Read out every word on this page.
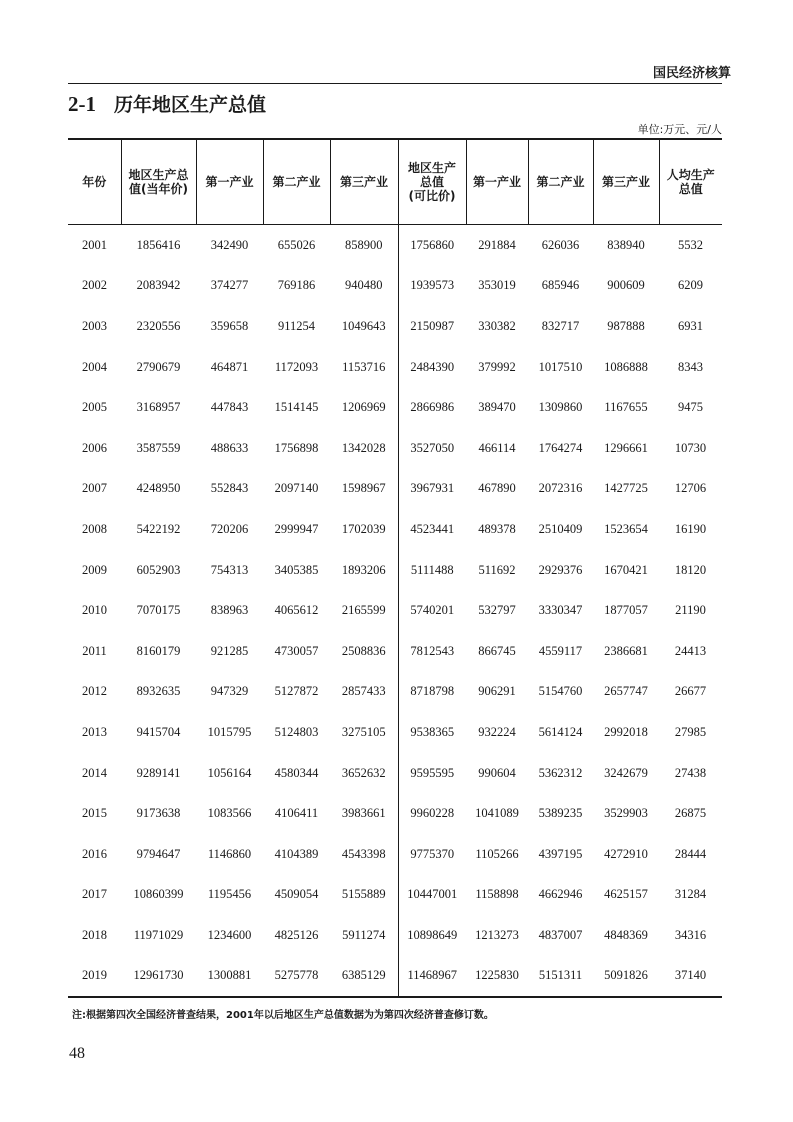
国民经济核算
2-1 历年地区生产总值
单位:万元、元/人
年份	地区生产总
值(当年价)	第一产业	第二产业	第三产业	地区生产
总值
(可比价)	第一产业	第二产业	第三产业	人均生产
总值
2001	1856416	342490	655026	858900	1756860	291884	626036	838940	5532
2002	2083942	374277	769186	940480	1939573	353019	685946	900609	6209
2003	2320556	359658	911254	1049643	2150987	330382	832717	987888	6931
2004	2790679	464871	1172093	1153716	2484390	379992	1017510	1086888	8343
2005	3168957	447843	1514145	1206969	2866986	389470	1309860	1167655	9475
2006	3587559	488633	1756898	1342028	3527050	466114	1764274	1296661	10730
2007	4248950	552843	2097140	1598967	3967931	467890	2072316	1427725	12706
2008	5422192	720206	2999947	1702039	4523441	489378	2510409	1523654	16190
2009	6052903	754313	3405385	1893206	5111488	511692	2929376	1670421	18120
2010	7070175	838963	4065612	2165599	5740201	532797	3330347	1877057	21190
2011	8160179	921285	4730057	2508836	7812543	866745	4559117	2386681	24413
2012	8932635	947329	5127872	2857433	8718798	906291	5154760	2657747	26677
2013	9415704	1015795	5124803	3275105	9538365	932224	5614124	2992018	27985
2014	9289141	1056164	4580344	3652632	9595595	990604	5362312	3242679	27438
2015	9173638	1083566	4106411	3983661	9960228	1041089	5389235	3529903	26875
2016	9794647	1146860	4104389	4543398	9775370	1105266	4397195	4272910	28444
2017	10860399	1195456	4509054	5155889	10447001	1158898	4662946	4625157	31284
2018	11971029	1234600	4825126	5911274	10898649	1213273	4837007	4848369	34316
2019	12961730	1300881	5275778	6385129	11468967	1225830	5151311	5091826	37140
注:根据第四次全国经济普查结果，2001年以后地区生产总值数据为为第四次经济普查修订数。
48
